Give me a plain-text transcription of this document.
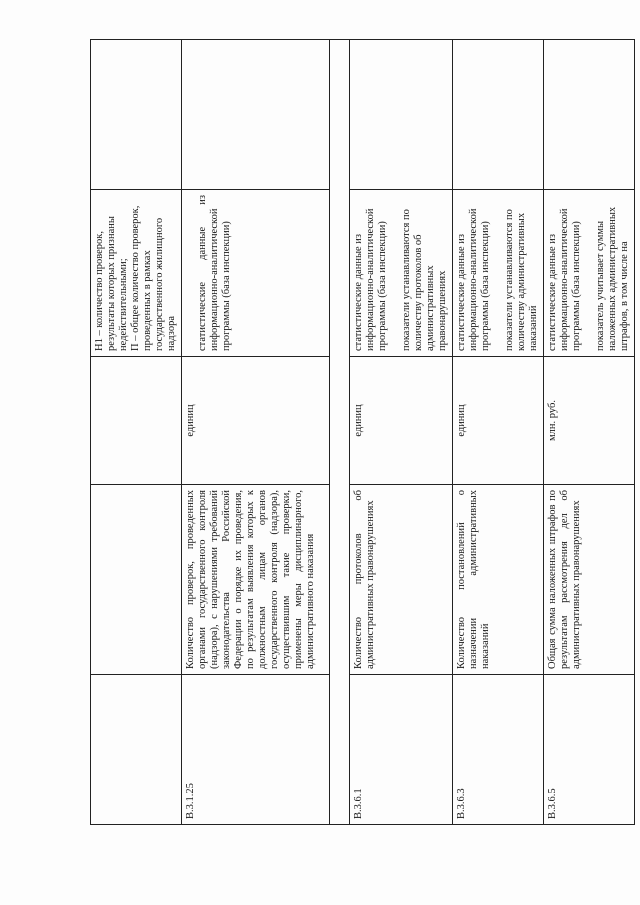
			Н1 – количество проверок, результаты которых признаны недействительными; П – общее количество проверок, проведенных в рамках государственного жилищного надзора	

В.3.1.25	Количество проверок, проведенных органами государственного контроля (надзора), с нарушениями требований законодательства Российской Федерации о порядке их проведения, по результатам выявления которых к должностным лицам органов государственного контроля (надзора), осуществившим такие проверки, применены меры дисциплинарного, административного наказания	единиц	статистические данные из информационно-аналитической программы (база инспекции)	

В.3.6.1	Количество протоколов об административных правонарушениях	единиц	статистические данные из информационно-аналитической программы (база инспекции) показатели устанавливаются по количеству протоколов об административных правонарушениях	

В.3.6.3	Количество постановлений о назначении административных наказаний	единиц	статистические данные из информационно-аналитической программы (база инспекции) показатели устанавливаются по количеству административных наказаний	

В.3.6.5	Общая сумма наложенных штрафов по результатам рассмотрения дел об административных правонарушениях	млн. руб.	статистические данные из информационно-аналитической программы (база инспекции) показатель учитывает суммы наложенных административных штрафов, в том числе на	
